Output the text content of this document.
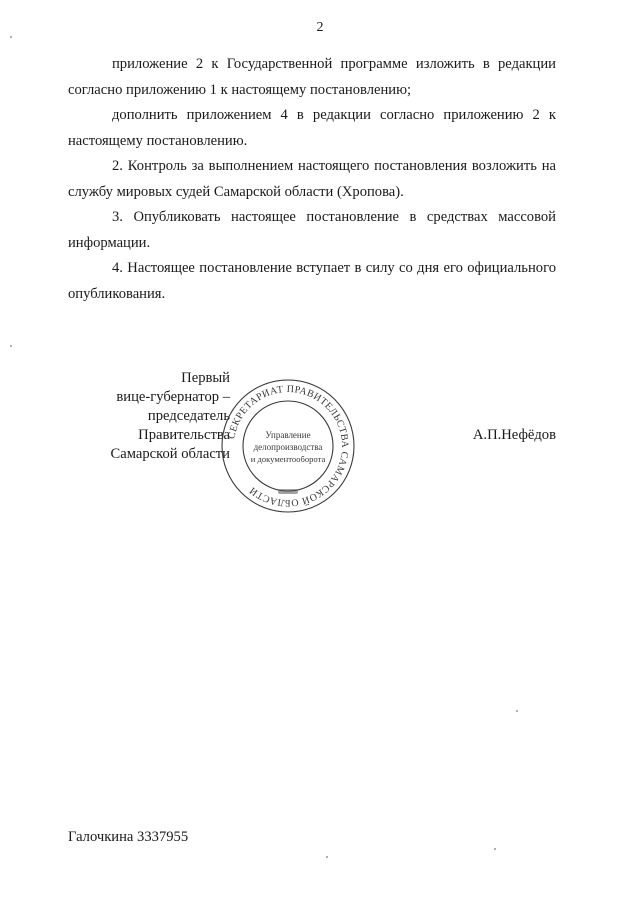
2

приложение 2 к Государственной программе изложить в редакции согласно приложению 1 к настоящему постановлению;

дополнить приложением 4 в редакции согласно приложению 2 к настоящему постановлению.

2. Контроль за выполнением настоящего постановления возложить на службу мировых судей Самарской области (Хропова).

3. Опубликовать настоящее постановление в средствах массовой информации.

4. Настоящее постановление вступает в силу со дня его официального опубликования.

Первый
вице-губернатор –
председатель Правительства
Самарской области
СЕКРЕТАРИАТ ПРАВИТЕЛЬСТВА САМАРСКОЙ ОБЛАСТИ
Управление
делопроизводства
и документооборота
А.П.Нефёдов
Галочкина 3337955
